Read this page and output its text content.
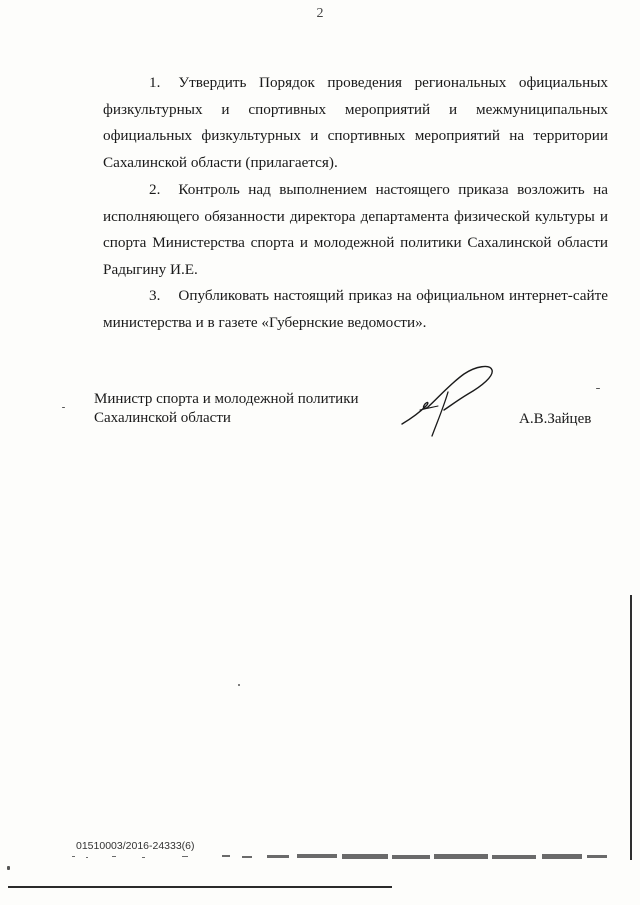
2

1. Утвердить Порядок проведения региональных официальных физкультурных и спортивных мероприятий и межмуниципальных официальных физкультурных и спортивных мероприятий на территории Сахалинской области (прилагается).

2. Контроль над выполнением настоящего приказа возложить на исполняющего обязанности директора департамента физической культуры и спорта Министерства спорта и молодежной политики Сахалинской области Радыгину И.Е.

3. Опубликовать настоящий приказ на официальном интернет-сайте министерства и в газете «Губернские ведомости».

Министр спорта и молодежной политики
Сахалинской области	А.В.Зайцев
01510003/2016-24333(6)
